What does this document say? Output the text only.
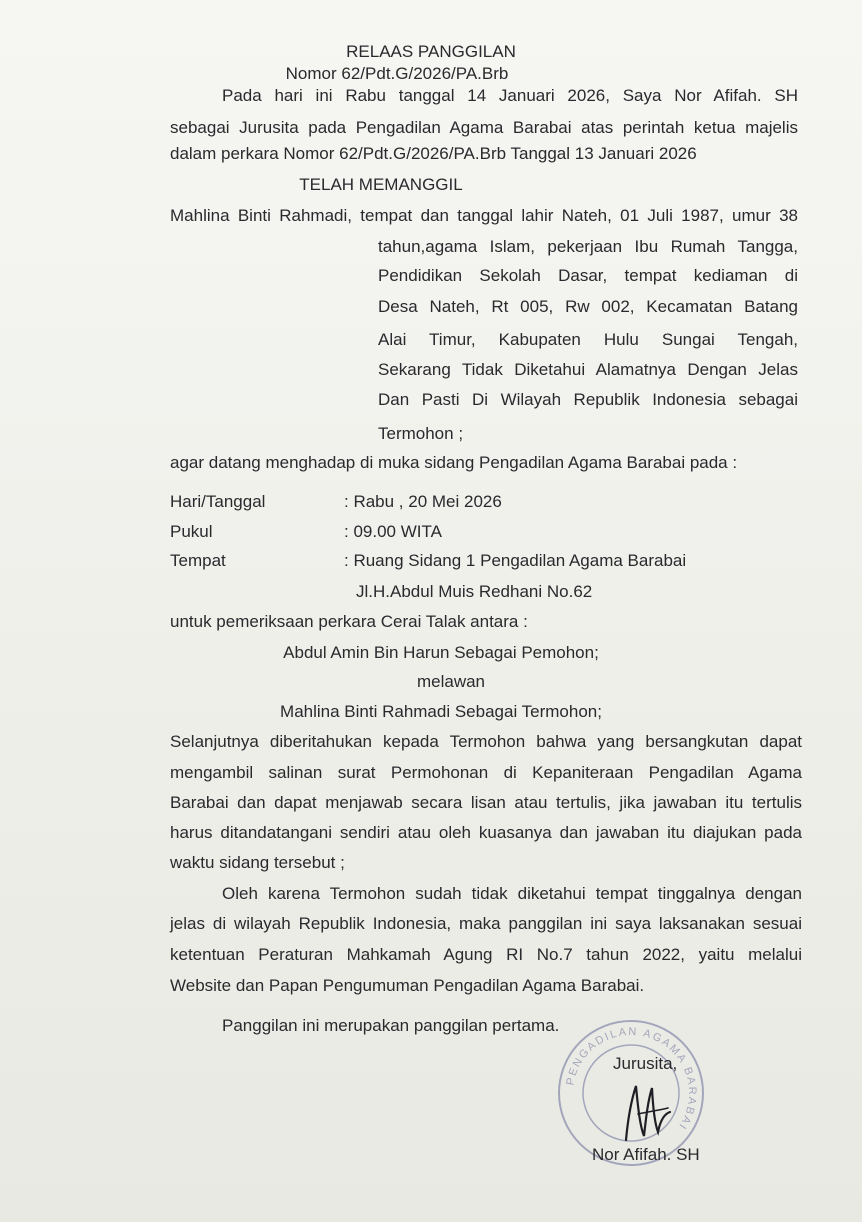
RELAAS PANGGILAN
Nomor 62/Pdt.G/2026/PA.Brb
Pada hari ini Rabu tanggal 14 Januari 2026, Saya Nor Afifah. SH
sebagai Jurusita pada Pengadilan Agama Barabai atas perintah ketua majelis
dalam perkara Nomor 62/Pdt.G/2026/PA.Brb Tanggal 13 Januari 2026
TELAH MEMANGGIL
Mahlina Binti Rahmadi, tempat dan tanggal lahir Nateh, 01 Juli 1987, umur 38
tahun,agama Islam, pekerjaan Ibu Rumah Tangga,
Pendidikan Sekolah Dasar, tempat kediaman di
Desa Nateh, Rt 005, Rw 002, Kecamatan Batang
Alai Timur, Kabupaten Hulu Sungai Tengah,
Sekarang Tidak Diketahui Alamatnya Dengan Jelas
Dan Pasti Di Wilayah Republik Indonesia sebagai
Termohon ;
agar datang menghadap di muka sidang Pengadilan Agama Barabai pada :
Hari/Tanggal	: Rabu , 20 Mei 2026
Pukul	: 09.00 WITA
Tempat	: Ruang Sidang 1 Pengadilan Agama Barabai
Jl.H.Abdul Muis Redhani No.62
untuk pemeriksaan perkara Cerai Talak antara :
Abdul Amin Bin Harun Sebagai Pemohon;
melawan
Mahlina Binti Rahmadi Sebagai Termohon;
Selanjutnya diberitahukan kepada Termohon bahwa yang bersangkutan dapat
mengambil salinan surat Permohonan di Kepaniteraan Pengadilan Agama
Barabai dan dapat menjawab secara lisan atau tertulis, jika jawaban itu tertulis
harus ditandatangani sendiri atau oleh kuasanya dan jawaban itu diajukan pada
waktu sidang tersebut ;
Oleh karena Termohon sudah tidak diketahui tempat tinggalnya dengan
jelas di wilayah Republik Indonesia, maka panggilan ini saya laksanakan sesuai
ketentuan Peraturan Mahkamah Agung RI No.7 tahun 2022, yaitu melalui
Website dan Papan Pengumuman Pengadilan Agama Barabai.
Panggilan ini merupakan panggilan pertama.
PENGADILAN AGAMA BARABAI
Jurusita,
Nor Afifah. SH
